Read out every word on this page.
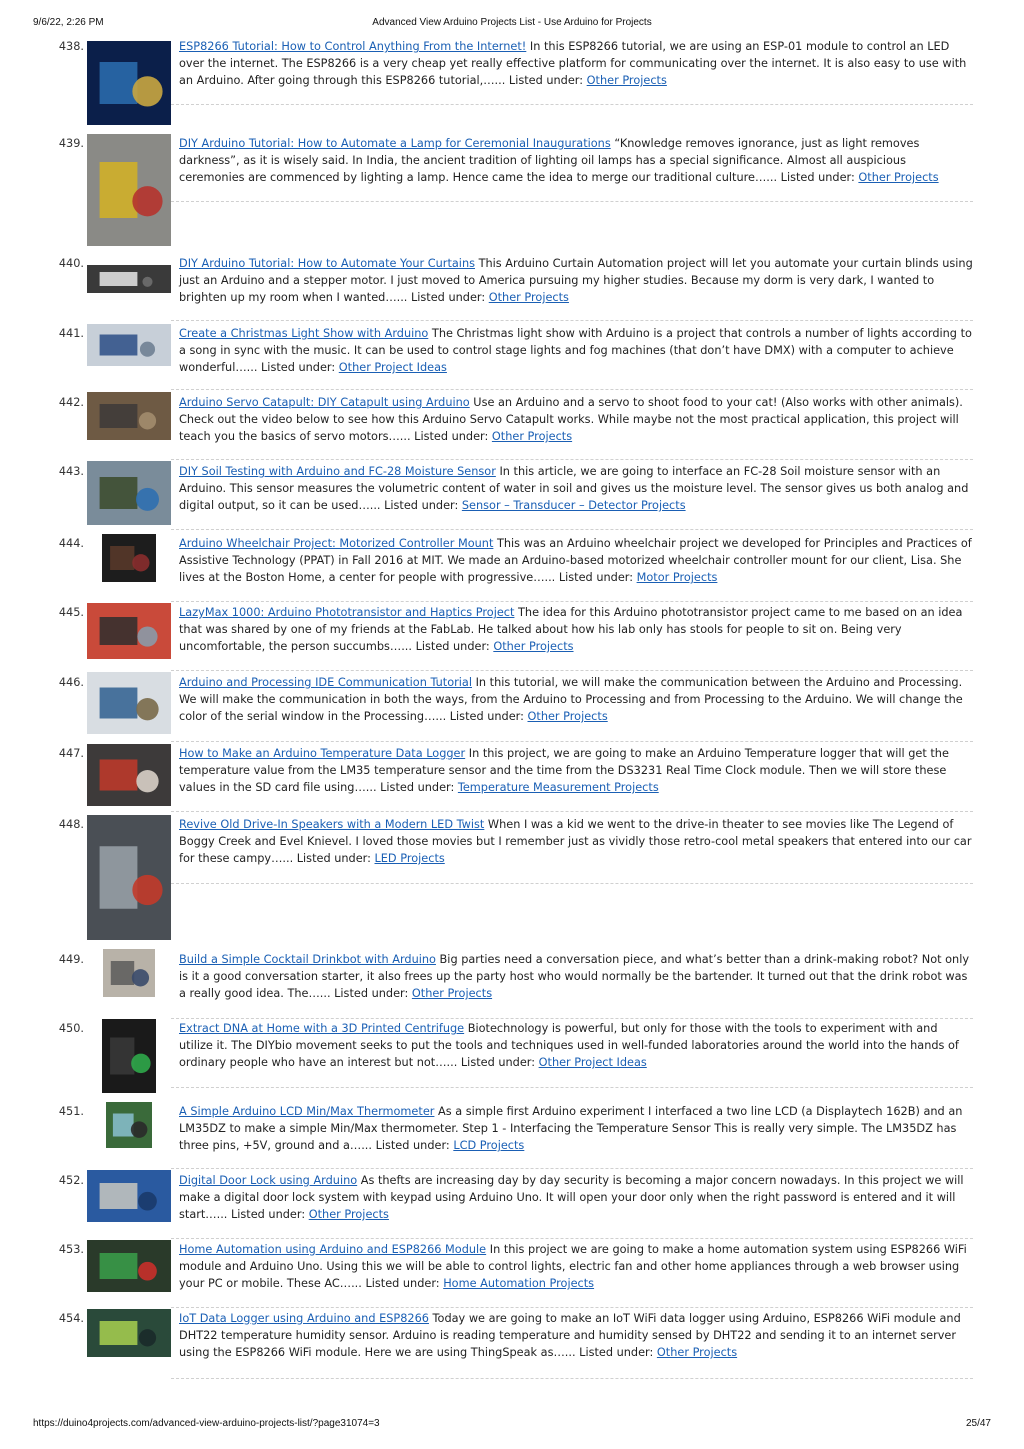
9/6/22, 2:26 PM	Advanced View Arduino Projects List - Use Arduino for Projects
438.	ESP8266 Tutorial: How to Control Anything From the Internet! In this ESP8266 tutorial, we are using an ESP-01 module to control an LED over the internet. The ESP8266 is a very cheap yet really effective platform for communicating over the internet. It is also easy to use with an Arduino. After going through this ESP8266 tutorial,…... Listed under: Other Projects
439.	DIY Arduino Tutorial: How to Automate a Lamp for Ceremonial Inaugurations “Knowledge removes ignorance, just as light removes darkness”, as it is wisely said. In India, the ancient tradition of lighting oil lamps has a special significance. Almost all auspicious ceremonies are commenced by lighting a lamp. Hence came the idea to merge our traditional culture…... Listed under: Other Projects
440.	DIY Arduino Tutorial: How to Automate Your Curtains This Arduino Curtain Automation project will let you automate your curtain blinds using just an Arduino and a stepper motor. I just moved to America pursuing my higher studies. Because my dorm is very dark, I wanted to brighten up my room when I wanted…... Listed under: Other Projects
441.	Create a Christmas Light Show with Arduino The Christmas light show with Arduino is a project that controls a number of lights according to a song in sync with the music. It can be used to control stage lights and fog machines (that don’t have DMX) with a computer to achieve wonderful…... Listed under: Other Project Ideas
442.	Arduino Servo Catapult: DIY Catapult using Arduino Use an Arduino and a servo to shoot food to your cat! (Also works with other animals). Check out the video below to see how this Arduino Servo Catapult works. While maybe not the most practical application, this project will teach you the basics of servo motors…... Listed under: Other Projects
443.	DIY Soil Testing with Arduino and FC-28 Moisture Sensor In this article, we are going to interface an FC-28 Soil moisture sensor with an Arduino. This sensor measures the volumetric content of water in soil and gives us the moisture level. The sensor gives us both analog and digital output, so it can be used…... Listed under: Sensor – Transducer – Detector Projects
444.	Arduino Wheelchair Project: Motorized Controller Mount This was an Arduino wheelchair project we developed for Principles and Practices of Assistive Technology (PPAT) in Fall 2016 at MIT. We made an Arduino-based motorized wheelchair controller mount for our client, Lisa. She lives at the Boston Home, a center for people with progressive…... Listed under: Motor Projects
445.	LazyMax 1000: Arduino Phototransistor and Haptics Project The idea for this Arduino phototransistor project came to me based on an idea that was shared by one of my friends at the FabLab. He talked about how his lab only has stools for people to sit on. Being very uncomfortable, the person succumbs…... Listed under: Other Projects
446.	Arduino and Processing IDE Communication Tutorial In this tutorial, we will make the communication between the Arduino and Processing. We will make the communication in both the ways, from the Arduino to Processing and from Processing to the Arduino. We will change the color of the serial window in the Processing…... Listed under: Other Projects
447.	How to Make an Arduino Temperature Data Logger In this project, we are going to make an Arduino Temperature logger that will get the temperature value from the LM35 temperature sensor and the time from the DS3231 Real Time Clock module. Then we will store these values in the SD card file using…... Listed under: Temperature Measurement Projects
448.	Revive Old Drive-In Speakers with a Modern LED Twist When I was a kid we went to the drive-in theater to see movies like The Legend of Boggy Creek and Evel Knievel. I loved those movies but I remember just as vividly those retro-cool metal speakers that entered into our car for these campy…... Listed under: LED Projects
449.	Build a Simple Cocktail Drinkbot with Arduino Big parties need a conversation piece, and what’s better than a drink-making robot? Not only is it a good conversation starter, it also frees up the party host who would normally be the bartender. It turned out that the drink robot was a really good idea. The…... Listed under: Other Projects
450.	Extract DNA at Home with a 3D Printed Centrifuge Biotechnology is powerful, but only for those with the tools to experiment with and utilize it. The DIYbio movement seeks to put the tools and techniques used in well-funded laboratories around the world into the hands of ordinary people who have an interest but not…... Listed under: Other Project Ideas
451.	A Simple Arduino LCD Min/Max Thermometer As a simple first Arduino experiment I interfaced a two line LCD (a Displaytech 162B) and an LM35DZ to make a simple Min/Max thermometer. Step 1 - Interfacing the Temperature Sensor This is really very simple. The LM35DZ has three pins, +5V, ground and a…... Listed under: LCD Projects
452.	Digital Door Lock using Arduino As thefts are increasing day by day security is becoming a major concern nowadays. In this project we will make a digital door lock system with keypad using Arduino Uno. It will open your door only when the right password is entered and it will start…... Listed under: Other Projects
453.	Home Automation using Arduino and ESP8266 Module In this project we are going to make a home automation system using ESP8266 WiFi module and Arduino Uno. Using this we will be able to control lights, electric fan and other home appliances through a web browser using your PC or mobile. These AC…... Listed under: Home Automation Projects
454.	IoT Data Logger using Arduino and ESP8266 Today we are going to make an IoT WiFi data logger using Arduino, ESP8266 WiFi module and DHT22 temperature humidity sensor. Arduino is reading temperature and humidity sensed by DHT22 and sending it to an internet server using the ESP8266 WiFi module. Here we are using ThingSpeak as…... Listed under: Other Projects
https://duino4projects.com/advanced-view-arduino-projects-list/?page31074=3	25/47
